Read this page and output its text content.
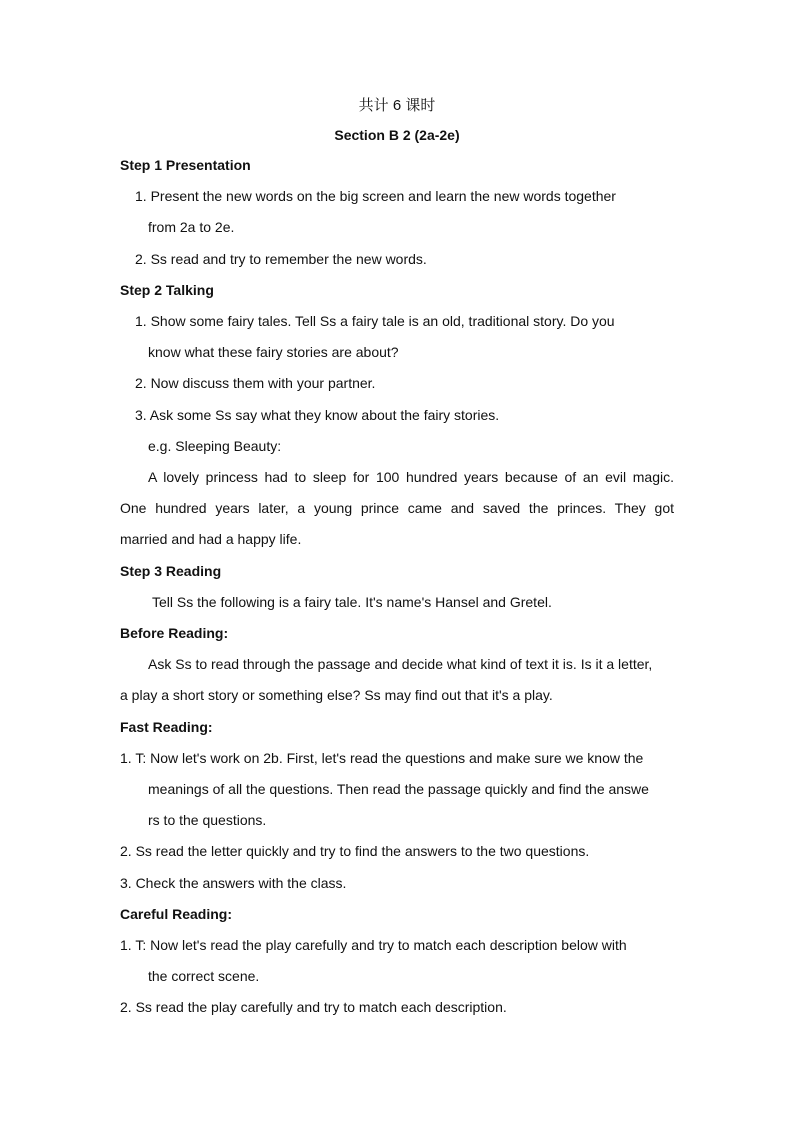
共计 6 课时
Section B 2 (2a-2e)
Step 1 Presentation
1. Present the new words on the big screen and learn the new words together
from 2a to 2e.
2. Ss read and try to remember the new words.
Step 2 Talking
1. Show some fairy tales. Tell Ss a fairy tale is an old, traditional story. Do you
know what these fairy stories are about?
2. Now discuss them with your partner.
3. Ask some Ss say what they know about the fairy stories.
e.g. Sleeping Beauty:
A lovely princess had to sleep for 100 hundred years because of an evil magic.
One hundred years later, a young prince came and saved the princes. They got
married and had a happy life.
Step 3 Reading
Tell Ss the following is a fairy tale. It's name's Hansel and Gretel.
Before Reading:
Ask Ss to read through the passage and decide what kind of text it is. Is it a letter,
a play a short story or something else? Ss may find out that it's a play.
Fast Reading:
1. T: Now let's work on 2b. First, let's read the questions and make sure we know the
meanings of all the questions. Then read the passage quickly and find the answe
rs to the questions.
2. Ss read the letter quickly and try to find the answers to the two questions.
3. Check the answers with the class.
Careful Reading:
1. T: Now let's read the play carefully and try to match each description below with
the correct scene.
2. Ss read the play carefully and try to match each description.
